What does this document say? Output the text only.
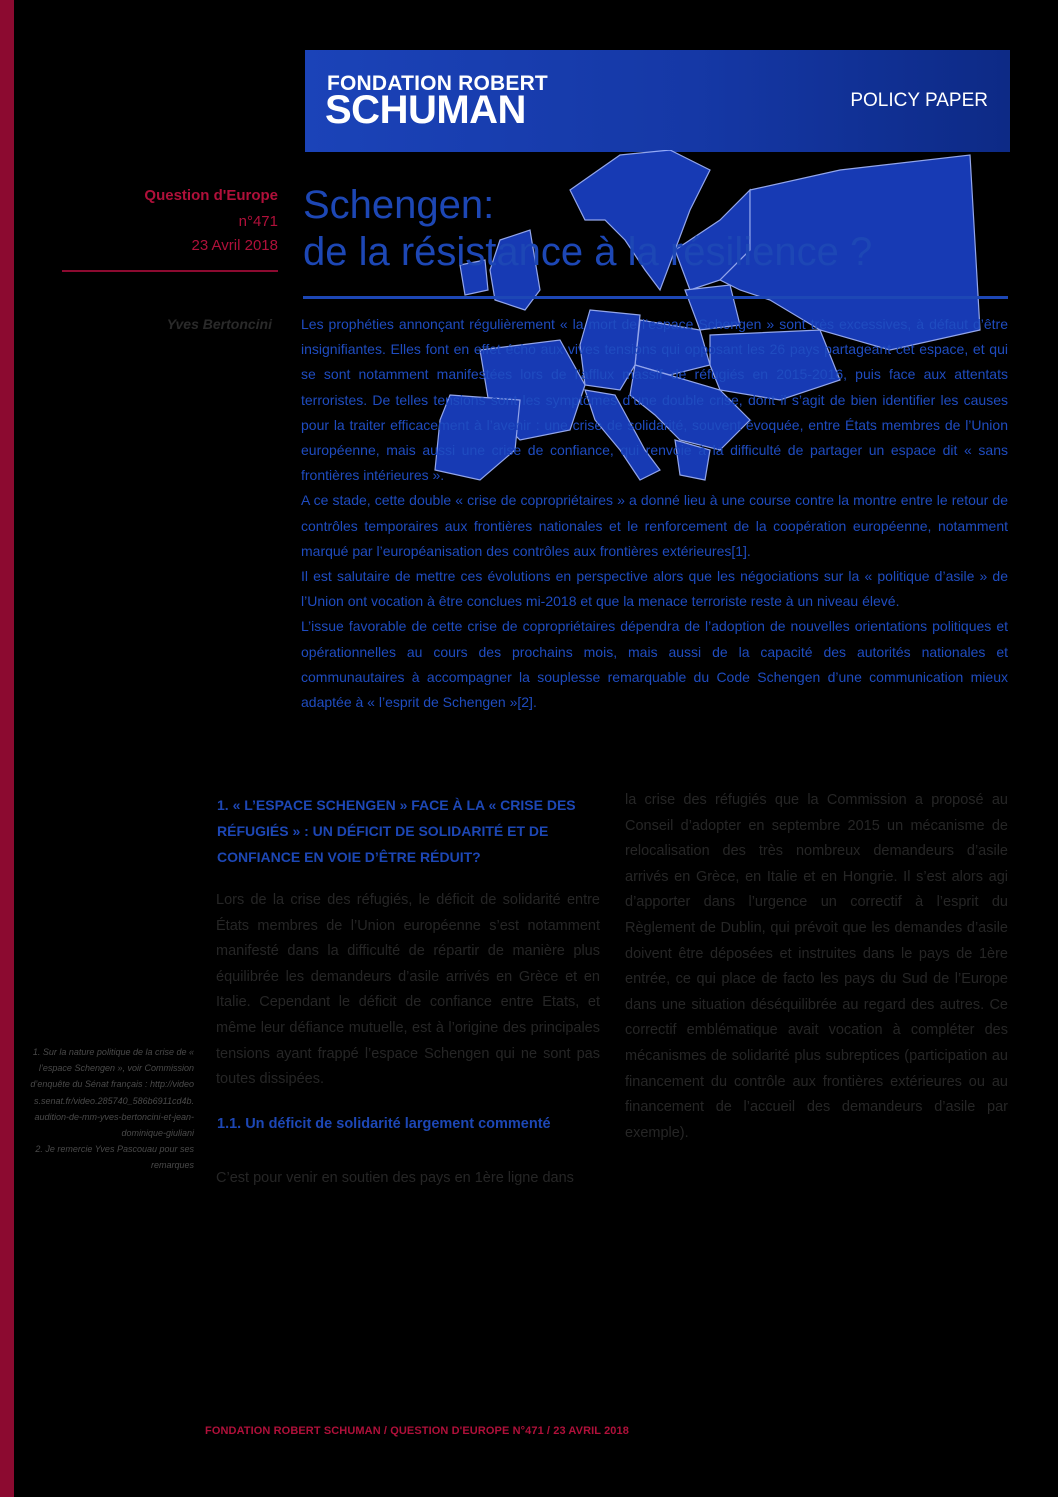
FONDATION ROBERT
SCHUMAN	POLICY PAPER
Question d'Europe
n°471
23 Avril 2018
Yves Bertoncini
Schengen:
de la résistance à la résilience ?

Les prophéties annonçant régulièrement « la mort de l’espace Schengen » sont très excessives, à défaut d’être insignifiantes. Elles font en effet écho aux vives tensions qui opposant les 26 pays partageant cet espace, et qui se sont notamment manifestées lors de l’afflux massif de réfugiés en 2015-2016, puis face aux attentats terroristes. De telles tensions sont les symptômes d’une double crise, dont il s’agit de bien identifier les causes pour la traiter efficacement à l’avenir : une crise de solidarité, souvent évoquée, entre États membres de l’Union européenne, mais aussi une crise de confiance, qui renvoie à la difficulté de partager un espace dit « sans frontières intérieures ».

A ce stade, cette double « crise de copropriétaires » a donné lieu à une course contre la montre entre le retour de contrôles temporaires aux frontières nationales et le renforcement de la coopération européenne, notamment marqué par l’européanisation des contrôles aux frontières extérieures[1].

Il est salutaire de mettre ces évolutions en perspective alors que les négociations sur la « politique d’asile » de l’Union ont vocation à être conclues mi-2018 et que la menace terroriste reste à un niveau élevé.

L’issue favorable de cette crise de copropriétaires dépendra de l’adoption de nouvelles orientations politiques et opérationnelles au cours des prochains mois, mais aussi de la capacité des autorités nationales et communautaires à accompagner la souplesse remarquable du Code Schengen d’une communication mieux adaptée à « l’esprit de Schengen »[2].

1. « L’ESPACE SCHENGEN » FACE À LA « CRISE DES RÉFUGIÉS » : UN DÉFICIT DE SOLIDARITÉ ET DE CONFIANCE EN VOIE D’ÊTRE RÉDUIT?

Lors de la crise des réfugiés, le déficit de solidarité entre États membres de l’Union européenne s’est notamment manifesté dans la difficulté de répartir de manière plus équilibrée les demandeurs d’asile arrivés en Grèce et en Italie. Cependant le déficit de confiance entre Etats, et même leur défiance mutuelle, est à l’origine des principales tensions ayant frappé l’espace Schengen qui ne sont pas toutes dissipées.

1.1. Un déficit de solidarité largement commenté

C’est pour venir en soutien des pays en 1ère ligne dans

la crise des réfugiés que la Commission a proposé au Conseil d’adopter en septembre 2015 un mécanisme de relocalisation des très nombreux demandeurs d’asile arrivés en Grèce, en Italie et en Hongrie. Il s’est alors agi d’apporter dans l’urgence un correctif à l’esprit du Règlement de Dublin, qui prévoit que les demandes d’asile doivent être déposées et instruites dans le pays de 1ère entrée, ce qui place de facto les pays du Sud de l’Europe dans une situation déséquilibrée au regard des autres. Ce correctif emblématique avait vocation à compléter des mécanismes de solidarité plus subreptices (participation au financement du contrôle aux frontières extérieures ou au financement de l’accueil des demandeurs d’asile par exemple).

1. Sur la nature politique de la crise de « l’espace Schengen », voir Commission d’enquête du Sénat français : http://videos.senat.fr/video.285740_586b6911cd4b.audition-de-mm-yves-bertoncini-et-jean-dominique-giuliani

2. Je remercie Yves Pascouau pour ses remarques

FONDATION ROBERT SCHUMAN / QUESTION D'EUROPE N°471 / 23 AVRIL 2018
